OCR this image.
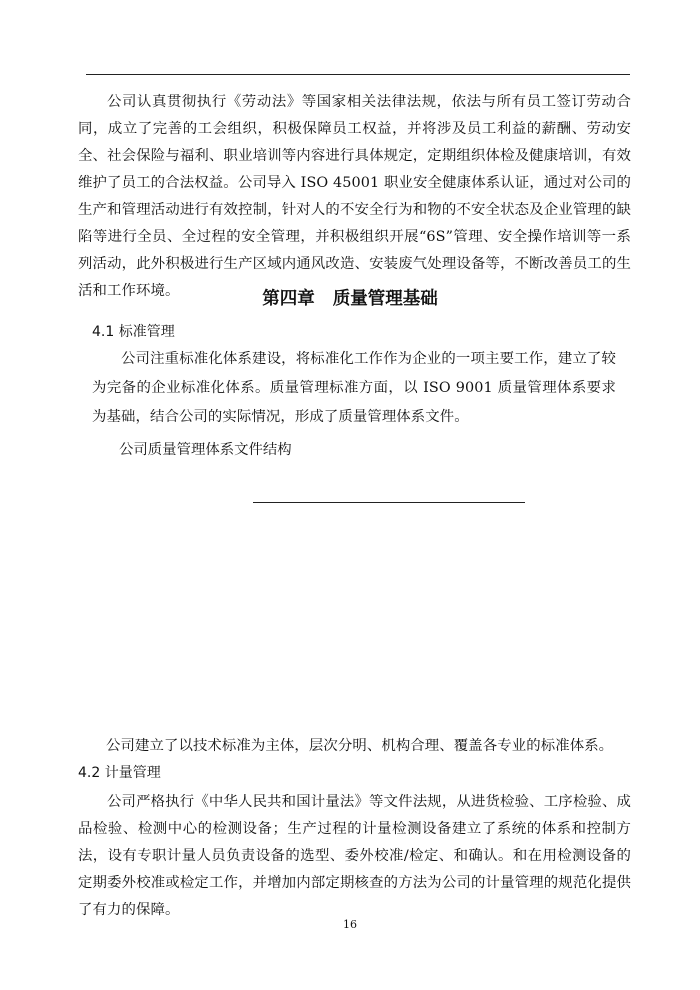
公司认真贯彻执行《劳动法》等国家相关法律法规，依法与所有员工签订劳动合同，成立了完善的工会组织，积极保障员工权益，并将涉及员工利益的薪酬、劳动安全、社会保险与福利、职业培训等内容进行具体规定，定期组织体检及健康培训，有效维护了员工的合法权益。公司导入 ISO 45001 职业安全健康体系认证，通过对公司的生产和管理活动进行有效控制，针对人的不安全行为和物的不安全状态及企业管理的缺陷等进行全员、全过程的安全管理，并积极组织开展“6S”管理、安全操作培训等一系列活动，此外积极进行生产区域内通风改造、安装废气处理设备等，不断改善员工的生活和工作环境。	第四章 质量管理基础
4.1 标准管理

公司注重标准化体系建设，将标准化工作作为企业的一项主要工作，建立了较为完备的企业标准化体系。质量管理标准方面，以 ISO 9001 质量管理体系要求为基础，结合公司的实际情况，形成了质量管理体系文件。

公司质量管理体系文件结构

公司建立了以技术标准为主体，层次分明、机构合理、覆盖各专业的标准体系。

4.2 计量管理

公司严格执行《中华人民共和国计量法》等文件法规，从进货检验、工序检验、成品检验、检测中心的检测设备；生产过程的计量检测设备建立了系统的体系和控制方法，设有专职计量人员负责设备的选型、委外校准/检定、和确认。和在用检测设备的定期委外校准或检定工作，并增加内部定期核查的方法为公司的计量管理的规范化提供了有力的保障。

16
